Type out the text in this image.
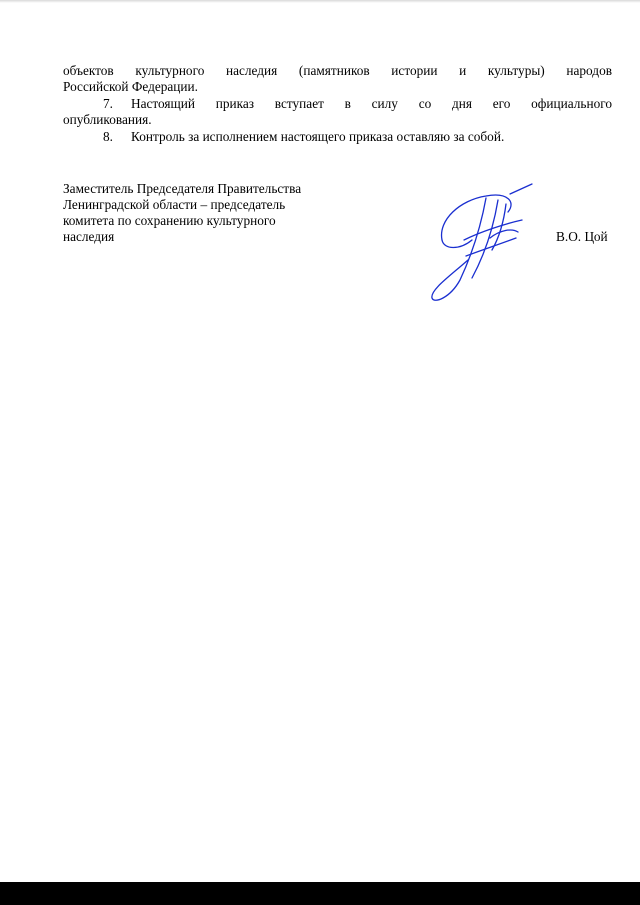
объектов культурного наследия (памятников истории и культуры) народов
Российской Федерации.
7. Настоящий приказ вступает в силу со дня его официального
опубликования.
8. Контроль за исполнением настоящего приказа оставляю за собой.
Заместитель Председателя Правительства
Ленинградской области – председатель
комитета по сохранению культурного
наследия	В.О. Цой
